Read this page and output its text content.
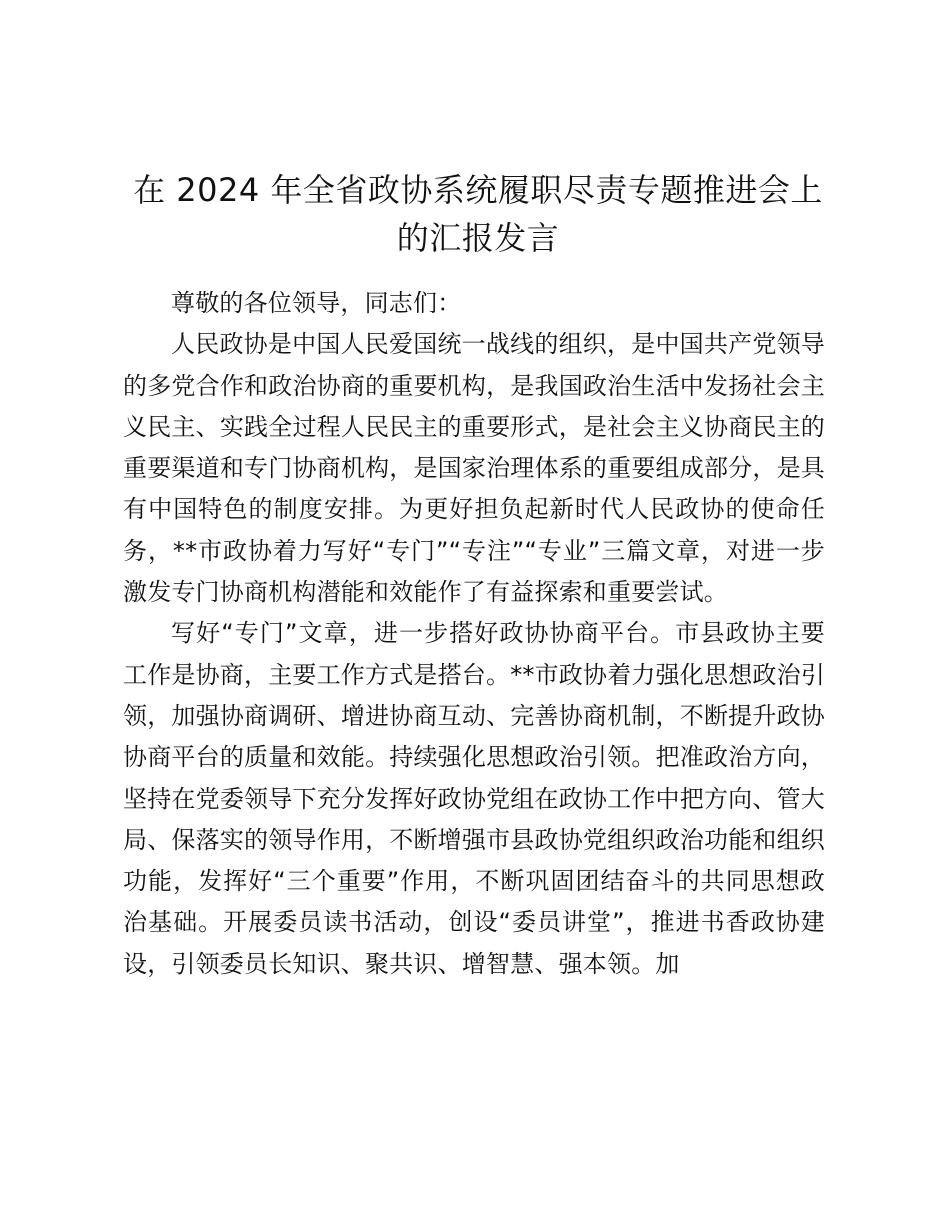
在 2024 年全省政协系统履职尽责专题推进会上的汇报发言

尊敬的各位领导，同志们：

人民政协是中国人民爱国统一战线的组织，是中国共产党领导的多党合作和政治协商的重要机构，是我国政治生活中发扬社会主义民主、实践全过程人民民主的重要形式，是社会主义协商民主的重要渠道和专门协商机构，是国家治理体系的重要组成部分，是具有中国特色的制度安排。为更好担负起新时代人民政协的使命任务，**市政协着力写好“专门”“专注”“专业”三篇文章，对进一步激发专门协商机构潜能和效能作了有益探索和重要尝试。

写好“专门”文章，进一步搭好政协协商平台。市县政协主要工作是协商，主要工作方式是搭台。**市政协着力强化思想政治引领，加强协商调研、增进协商互动、完善协商机制，不断提升政协协商平台的质量和效能。持续强化思想政治引领。把准政治方向，坚持在党委领导下充分发挥好政协党组在政协工作中把方向、管大局、保落实的领导作用，不断增强市县政协党组织政治功能和组织功能，发挥好“三个重要”作用，不断巩固团结奋斗的共同思想政治基础。开展委员读书活动，创设“委员讲堂”，推进书香政协建设，引领委员长知识、聚共识、增智慧、强本领。加
